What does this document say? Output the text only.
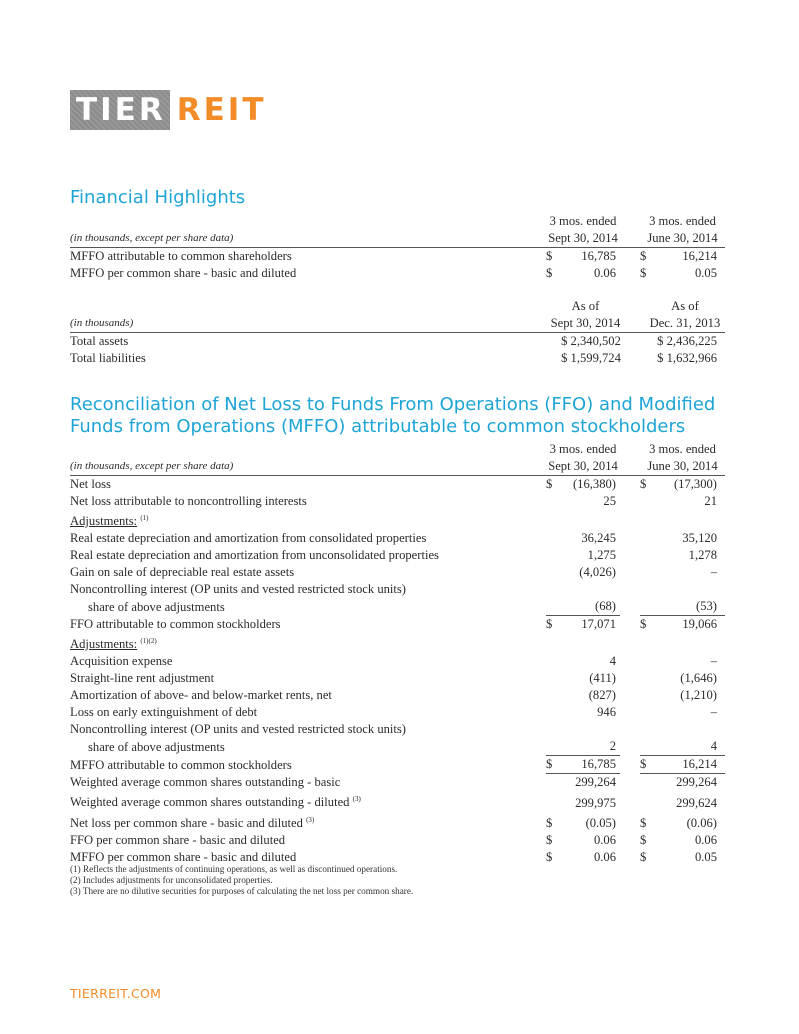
TIER REIT
Financial Highlights
	3 mos. ended			3 mos. ended	
(in thousands, except per share data)	Sept 30, 2014			June 30, 2014	
MFFO attributable to common shareholders	$	16,785		$	16,214
MFFO per common share - basic and diluted	$	0.06		$	0.05
	As of		As of
(in thousands)	Sept 30, 2014		Dec. 31, 2013
Total assets	$ 2,340,502		$ 2,436,225
Total liabilities	$ 1,599,724		$ 1,632,966
Reconciliation of Net Loss to Funds From Operations (FFO) and Modified
Funds from Operations (MFFO) attributable to common stockholders
	3 mos. ended			3 mos. ended	
(in thousands, except per share data)	Sept 30, 2014			June 30, 2014	
Net loss	$	(16,380)		$	(17,300)
Net loss attributable to noncontrolling interests		25			21
Adjustments: $^{(1)}$	
Real estate depreciation and amortization from consolidated properties		36,245			35,120
Real estate depreciation and amortization from unconsolidated properties		1,275			1,278
Gain on sale of depreciable real estate assets		(4,026)			–
Noncontrolling interest (OP units and vested restricted stock units)					
share of above adjustments		(68)			(53)
FFO attributable to common stockholders	$	17,071		$	19,066
Adjustments: $^{(1)(2)}$	
Acquisition expense		4			–
Straight-line rent adjustment		(411)			(1,646)
Amortization of above- and below-market rents, net		(827)			(1,210)
Loss on early extinguishment of debt		946			–
Noncontrolling interest (OP units and vested restricted stock units)					
share of above adjustments		2			4
MFFO attributable to common stockholders	$	16,785		$	16,214
Weighted average common shares outstanding - basic		299,264			299,264
Weighted average common shares outstanding - diluted $^{(3)}$		299,975			299,624
Net loss per common share - basic and diluted $^{(3)}$	$	(0.05)		$	(0.06)
FFO per common share - basic and diluted	$	0.06		$	0.06
MFFO per common share - basic and diluted	$	0.06		$	0.05
(1) Reflects the adjustments of continuing operations, as well as discontinued operations.
(2) Includes adjustments for unconsolidated properties.
(3) There are no dilutive securities for purposes of calculating the net loss per common share.
TIERREIT.COM
